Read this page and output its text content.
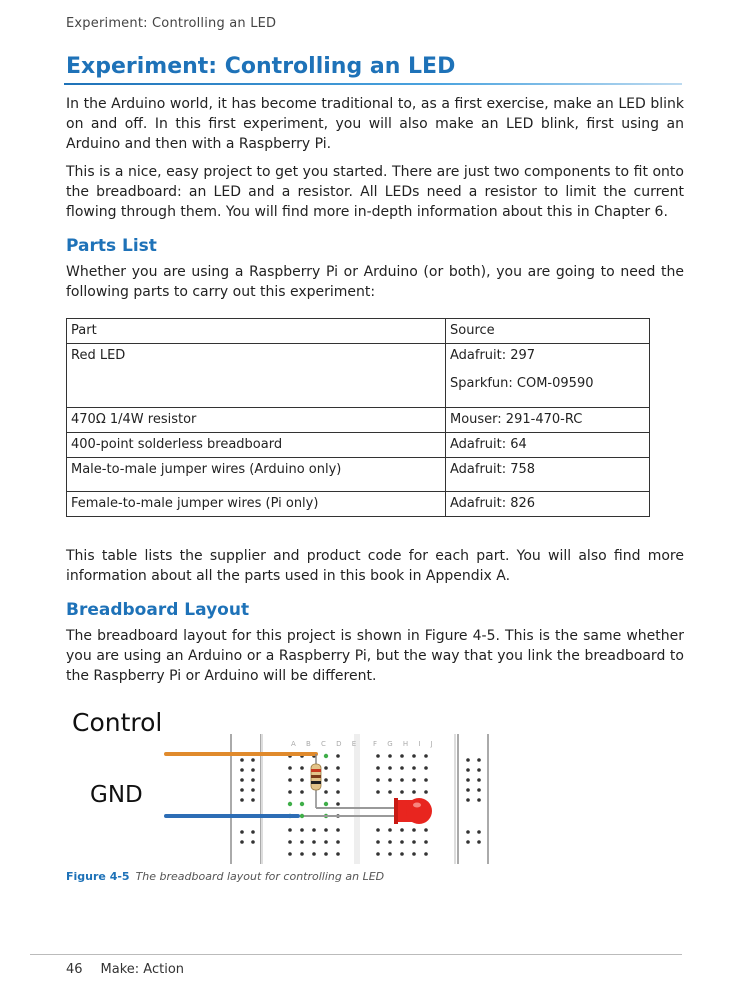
Experiment: Controlling an LED
Experiment: Controlling an LED

In the Arduino world, it has become traditional to, as a first exercise, make an LED blink on and off. In this first experiment, you will also make an LED blink, first using an Arduino and then with a Raspberry Pi.

This is a nice, easy project to get you started. There are just two components to fit onto the breadboard: an LED and a resistor. All LEDs need a resistor to limit the current flowing through them. You will find more in-depth information about this in Chapter 6.

Parts List

Whether you are using a Raspberry Pi or Arduino (or both), you are going to need the following parts to carry out this experiment:

Part	Source
Red LED	Adafruit: 297
Sparkfun: COM-09590

470Ω 1/4W resistor	Mouser: 291-470-RC

400-point solderless breadboard	Adafruit: 64

Male-to-male jumper wires (Arduino only)	Adafruit: 758

Female-to-male jumper wires (Pi only)	Adafruit: 826

This table lists the supplier and product code for each part. You will also find more information about all the parts used in this book in Appendix A.

Breadboard Layout

The breadboard layout for this project is shown in Figure 4-5. This is the same whether you are using an Arduino or a Raspberry Pi, but the way that you link the breadboard to the Raspberry Pi or Arduino will be different.

Control
GND
A B C D E F G H I J
Figure 4-5 The breadboard layout for controlling an LED
46 Make: Action
